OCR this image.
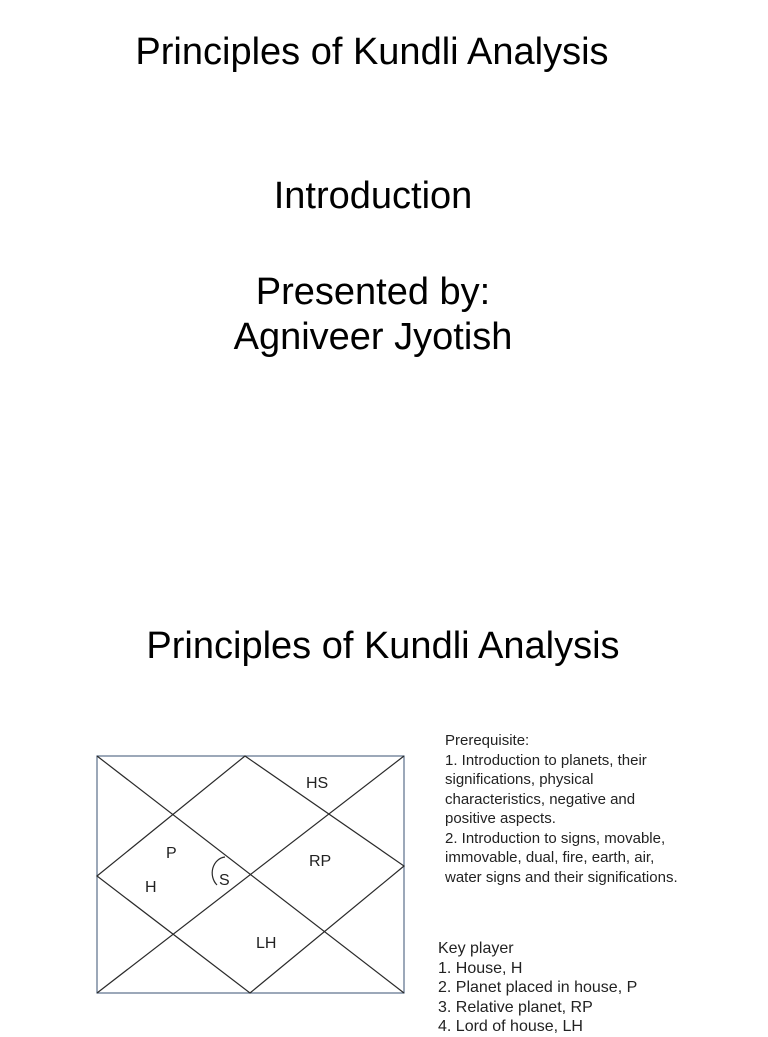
Principles of Kundli Analysis
Introduction
Presented by:
Agniveer Jyotish
Principles of Kundli Analysis
HS
P	RP
H	S
LH
Prerequisite:
1. Introduction to planets, their
significations, physical
characteristics, negative and
positive aspects.
2. Introduction to signs, movable,
immovable, dual, fire, earth, air,
water signs and their significations.
Key player
1. House, H
2. Planet placed in house, P
3. Relative planet, RP
4. Lord of house, LH
